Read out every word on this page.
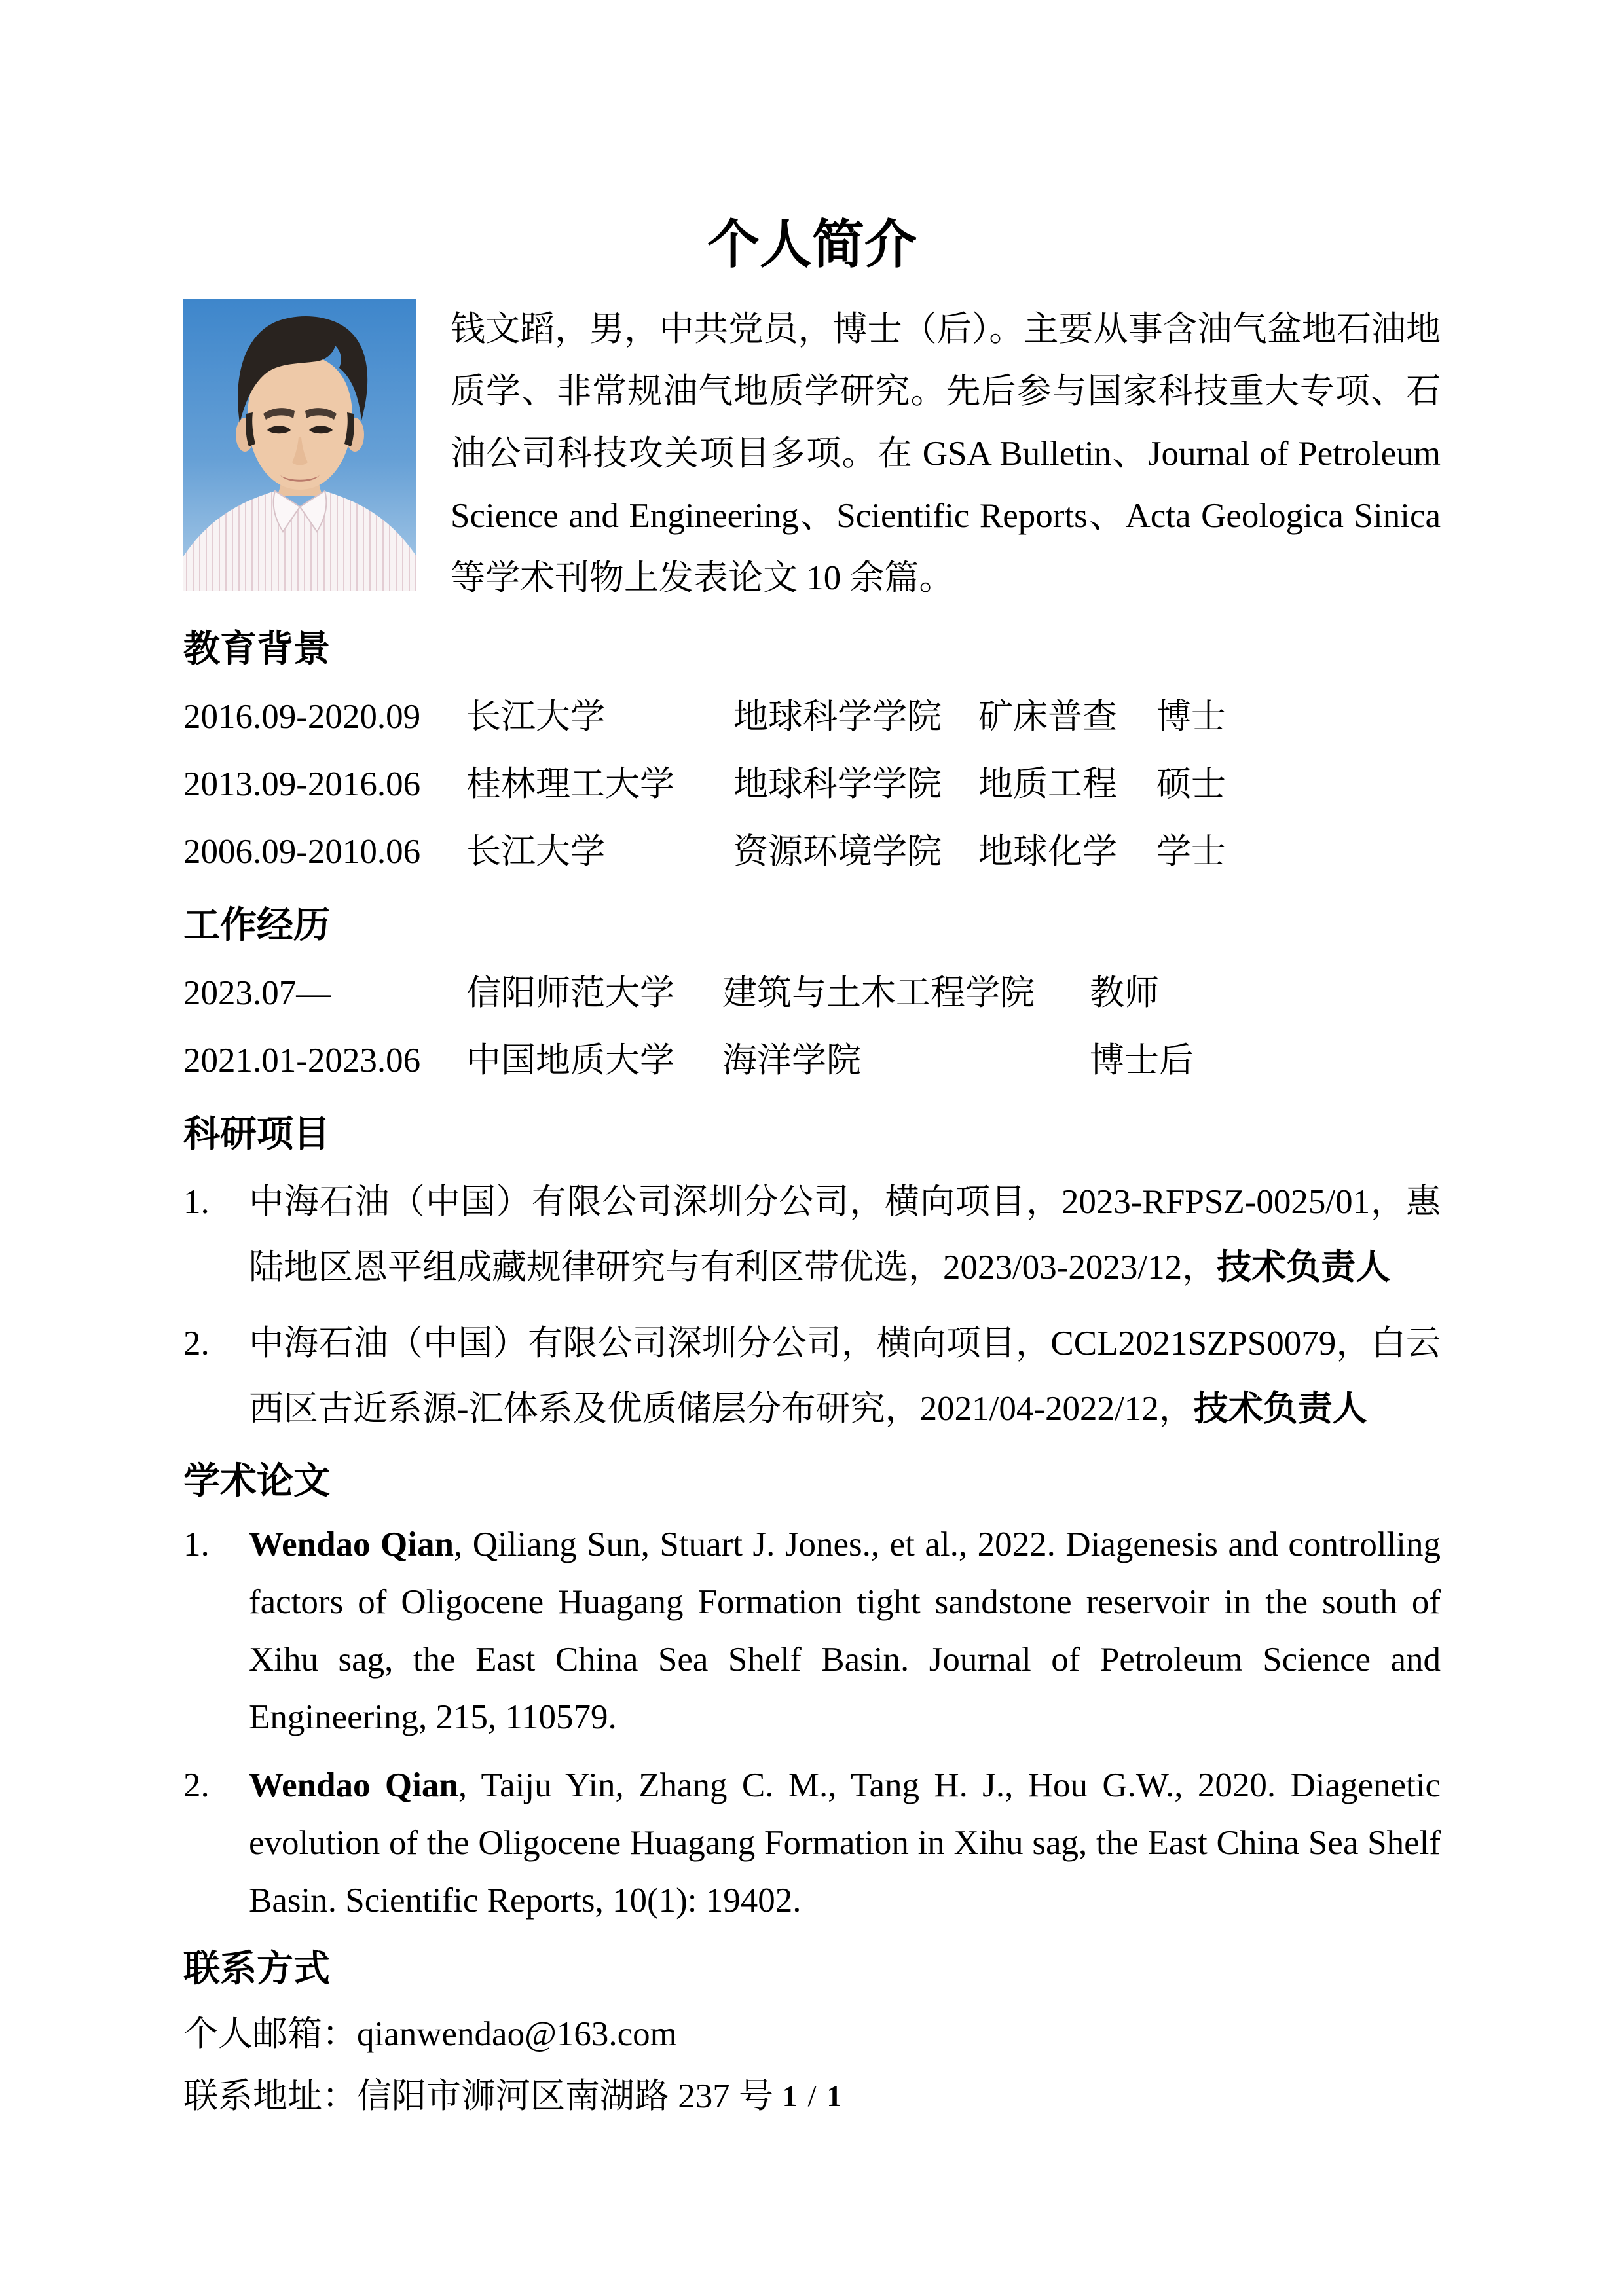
个人简介

钱文蹈，男，中共党员，博士（后）。主要从事含油气盆地石油地质学、非常规油气地质学研究。先后参与国家科技重大专项、石油公司科技攻关项目多项。在 GSA Bulletin、Journal of Petroleum Science and Engineering、Scientific Reports、Acta Geologica Sinica 等学术刊物上发表论文 10 余篇。

教育背景
2016.09-2020.09	长江大学	地球科学学院	矿床普查	博士
2013.09-2016.06	桂林理工大学	地球科学学院	地质工程	硕士
2006.09-2010.06	长江大学	资源环境学院	地球化学	学士
工作经历
2023.07—	信阳师范大学	建筑与土木工程学院	教师
2021.01-2023.06	中国地质大学	海洋学院	博士后
科研项目
1.	中海石油（中国）有限公司深圳分公司，横向项目，2023-RFPSZ-0025/01，惠陆地区恩平组成藏规律研究与有利区带优选，2023/03-2023/12，技术负责人
2.	中海石油（中国）有限公司深圳分公司，横向项目，CCL2021SZPS0079，白云西区古近系源-汇体系及优质储层分布研究，2021/04-2022/12，技术负责人
学术论文
1.	Wendao Qian, Qiliang Sun, Stuart J. Jones., et al., 2022. Diagenesis and controlling factors of Oligocene Huagang Formation tight sandstone reservoir in the south of Xihu sag, the East China Sea Shelf Basin. Journal of Petroleum Science and Engineering, 215, 110579.
2.	Wendao Qian, Taiju Yin, Zhang C. M., Tang H. J., Hou G.W., 2020. Diagenetic evolution of the Oligocene Huagang Formation in Xihu sag, the East China Sea Shelf Basin. Scientific Reports, 10(1): 19402.
联系方式
个人邮箱：qianwendao@163.com
联系地址：信阳市浉河区南湖路 237 号 1 / 1
